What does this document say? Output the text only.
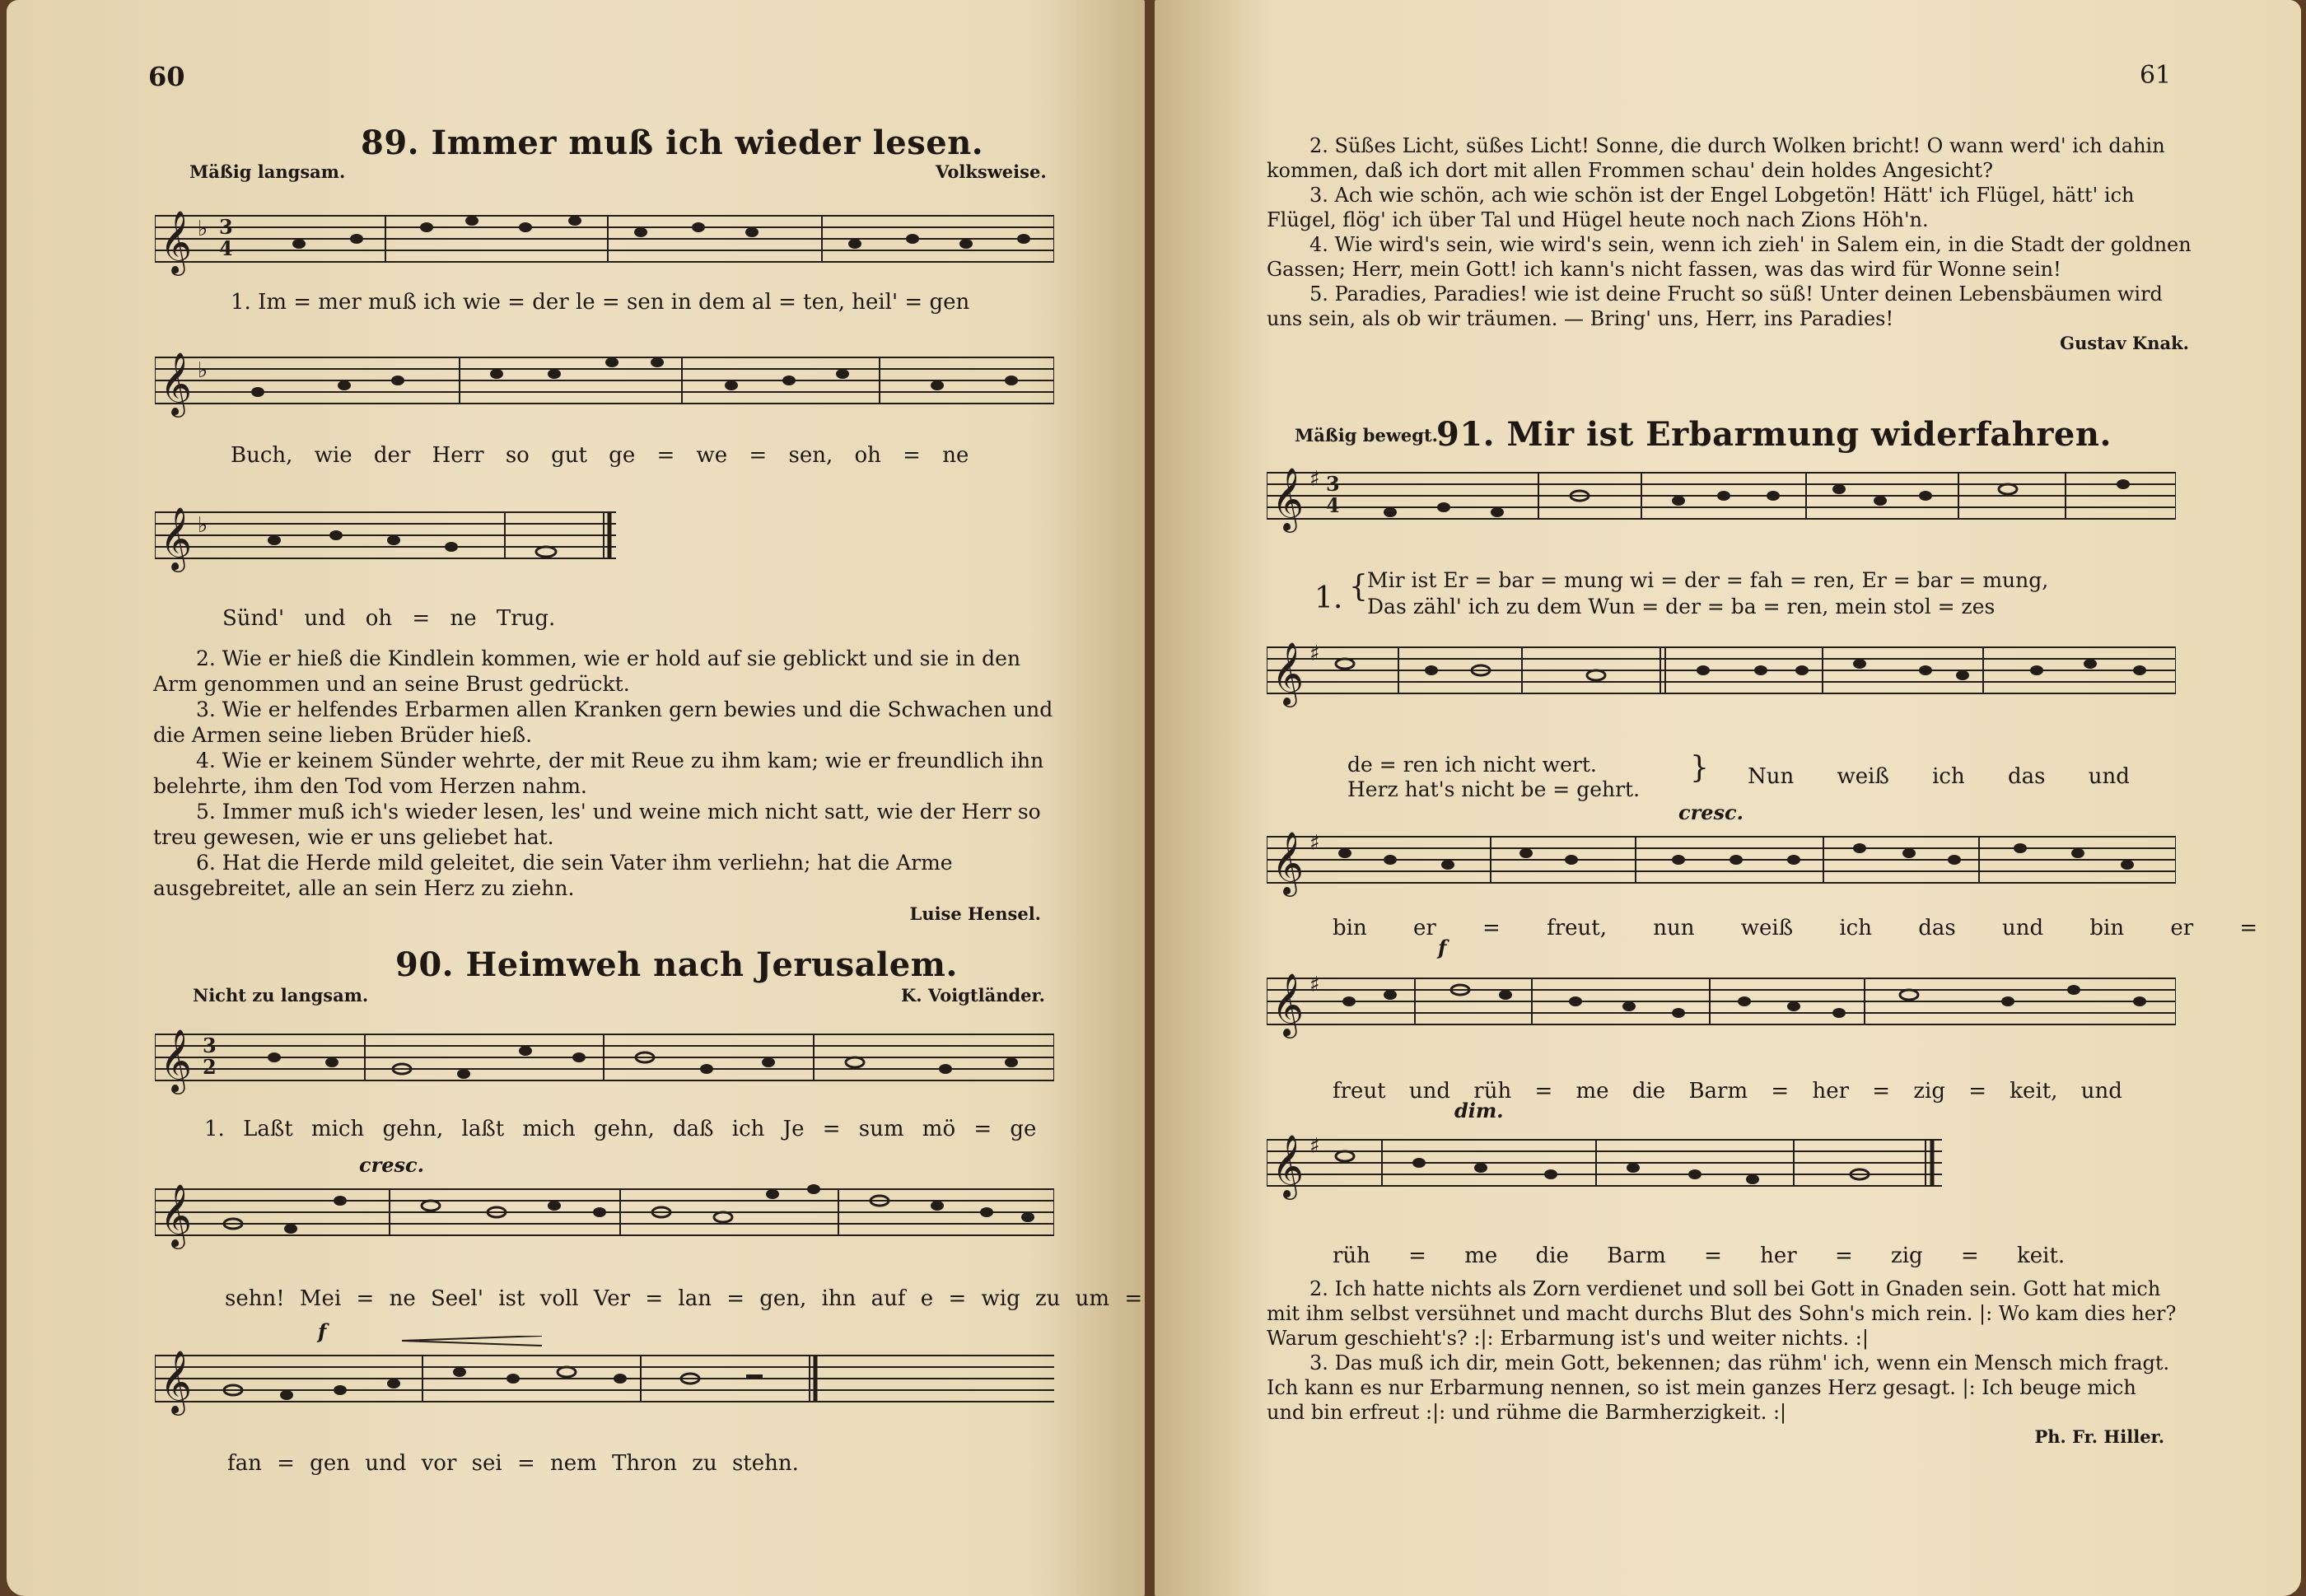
60
89. Immer muß ich wieder lesen.
Mäßig langsam.	Volksweise.
𝄞 ♭ 3
4
1. Im = mer muß ich wie = der le = sen in dem al = ten, heil' = gen
𝄞 ♭
Buch, wie der Herr so gut ge = we = sen, oh = ne
𝄞 ♭
Sünd' und oh = ne Trug.

2. Wie er hieß die Kindlein kommen, wie er hold auf sie geblickt und sie in den Arm genommen und an seine Brust gedrückt.

3. Wie er helfendes Erbarmen allen Kranken gern bewies und die Schwachen und die Armen seine lieben Brüder hieß.

4. Wie er keinem Sünder wehrte, der mit Reue zu ihm kam; wie er freundlich ihn belehrte, ihm den Tod vom Herzen nahm.

5. Immer muß ich's wieder lesen, les' und weine mich nicht satt, wie der Herr so treu gewesen, wie er uns geliebet hat.

6. Hat die Herde mild geleitet, die sein Vater ihm verliehn; hat die Arme ausgebreitet, alle an sein Herz zu ziehn.

Luise Hensel.
90. Heimweh nach Jerusalem.
Nicht zu langsam.	K. Voigtländer.
𝄞 3
2
1. Laßt mich gehn, laßt mich gehn, daß ich Je = sum mö = ge
cresc.
𝄞
sehn! Mei = ne Seel' ist voll Ver = lan = gen, ihn auf e = wig zu um =
f
𝄞
fan = gen und vor sei = nem Thron zu stehn.
61

2. Süßes Licht, süßes Licht! Sonne, die durch Wolken bricht! O wann werd' ich dahin kommen, daß ich dort mit allen Frommen schau' dein holdes Angesicht?

3. Ach wie schön, ach wie schön ist der Engel Lobgetön! Hätt' ich Flügel, hätt' ich Flügel, flög' ich über Tal und Hügel heute noch nach Zions Höh'n.

4. Wie wird's sein, wie wird's sein, wenn ich zieh' in Salem ein, in die Stadt der goldnen Gassen; Herr, mein Gott! ich kann's nicht fassen, was das wird für Wonne sein!

5. Paradies, Paradies! wie ist deine Frucht so süß! Unter deinen Lebensbäumen wird uns sein, als ob wir träumen. — Bring' uns, Herr, ins Paradies!

Gustav Knak.
Mäßig bewegt.
91. Mir ist Erbarmung widerfahren.
𝄞 ♯ 3
4
1. { Mir ist Er = bar = mung wi = der = fah = ren, Er = bar = mung,
Das zähl' ich zu dem Wun = der = ba = ren, mein stol = zes
𝄞 ♯
de = ren ich nicht wert.
Herz hat's nicht be = gehrt.
} Nun weiß ich das und
cresc.
𝄞 ♯
bin er = freut, nun weiß ich das und bin er =
f
𝄞 ♯
freut und rüh = me die Barm = her = zig = keit, und
dim.
𝄞 ♯
rüh = me die Barm = her = zig = keit.

2. Ich hatte nichts als Zorn verdienet und soll bei Gott in Gnaden sein. Gott hat mich mit ihm selbst versühnet und macht durchs Blut des Sohn's mich rein. |: Wo kam dies her? Warum geschieht's? :|: Erbarmung ist's und weiter nichts. :|

3. Das muß ich dir, mein Gott, bekennen; das rühm' ich, wenn ein Mensch mich fragt. Ich kann es nur Erbarmung nennen, so ist mein ganzes Herz gesagt. |: Ich beuge mich und bin erfreut :|: und rühme die Barmherzigkeit. :|

Ph. Fr. Hiller.
